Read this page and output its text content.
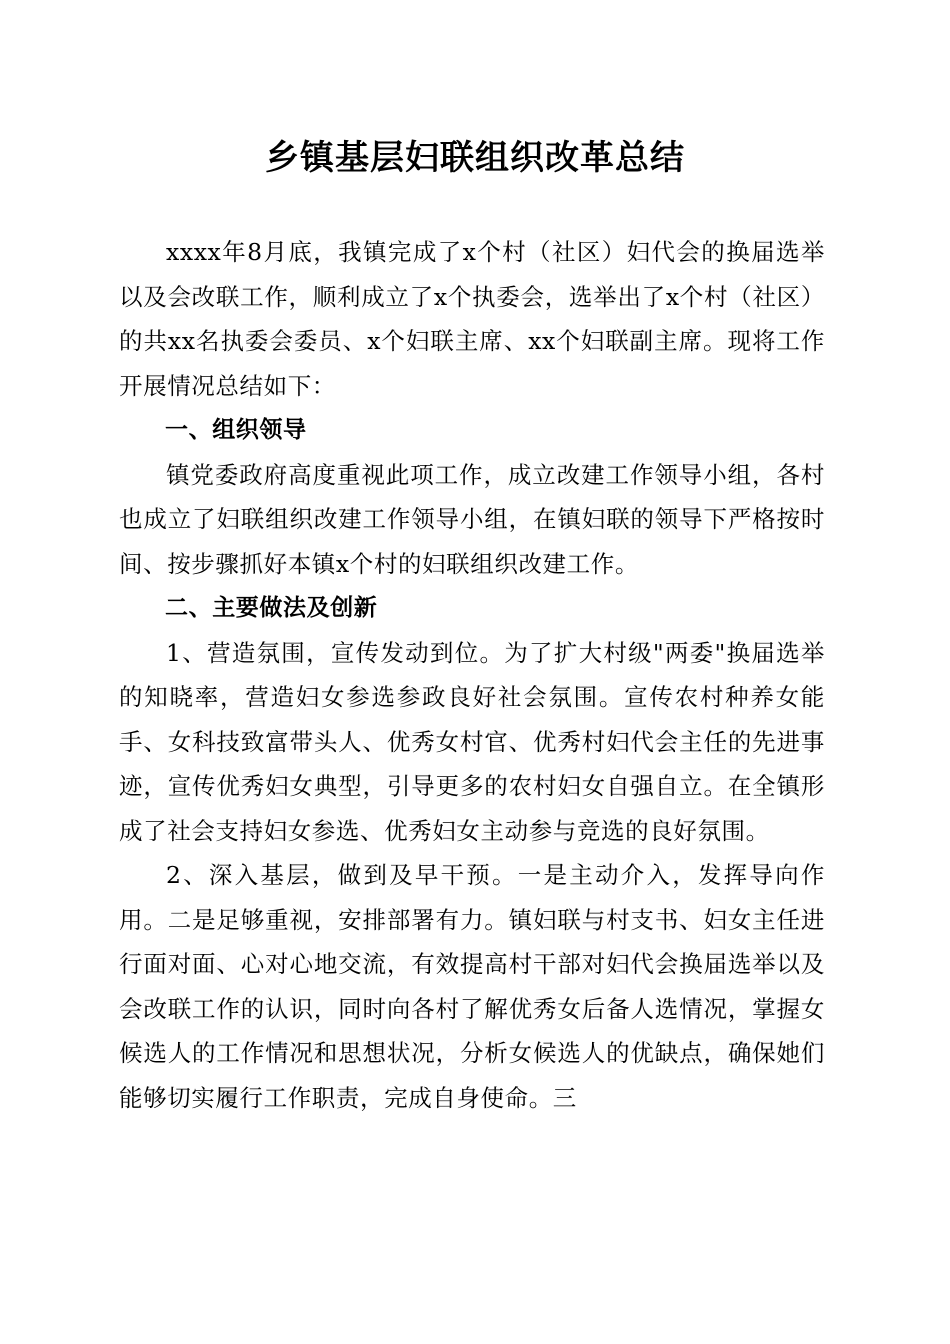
乡镇基层妇联组织改革总结

xxxx年8月底，我镇完成了x个村（社区）妇代会的换届选举以及会改联工作，顺利成立了x个执委会，选举出了x个村（社区）的共xx名执委会委员、x个妇联主席、xx个妇联副主席。现将工作开展情况总结如下：

一、组织领导

镇党委政府高度重视此项工作，成立改建工作领导小组，各村也成立了妇联组织改建工作领导小组，在镇妇联的领导下严格按时间、按步骤抓好本镇x个村的妇联组织改建工作。

二、主要做法及创新

1、营造氛围，宣传发动到位。为了扩大村级"两委"换届选举的知晓率，营造妇女参选参政良好社会氛围。宣传农村种养女能手、女科技致富带头人、优秀女村官、优秀村妇代会主任的先进事迹，宣传优秀妇女典型，引导更多的农村妇女自强自立。在全镇形成了社会支持妇女参选、优秀妇女主动参与竞选的良好氛围。

2、深入基层，做到及早干预。一是主动介入，发挥导向作用。二是足够重视，安排部署有力。镇妇联与村支书、妇女主任进行面对面、心对心地交流，有效提高村干部对妇代会换届选举以及会改联工作的认识，同时向各村了解优秀女后备人选情况，掌握女候选人的工作情况和思想状况，分析女候选人的优缺点，确保她们能够切实履行工作职责，完成自身使命。三
